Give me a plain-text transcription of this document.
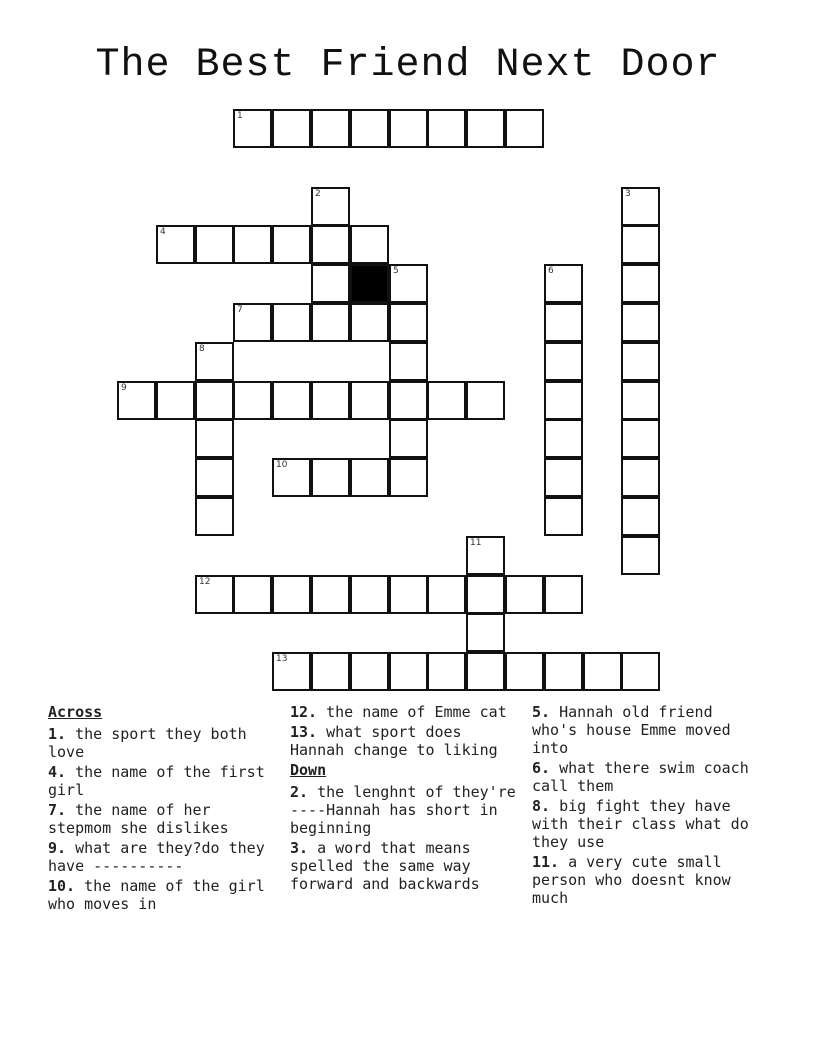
The Best Friend Next Door
1
4
7
9
10
12
13
2	3
5	6
8
11
Across
1. the sport they both love
4. the name of the first girl
7. the name of her stepmom she dislikes
9. what are they?do they have ----------
10. the name of the girl who moves in
12. the name of Emme cat
13. what sport does Hannah change to liking
Down
2. the lenghnt of they're ----Hannah has short in beginning
3. a word that means spelled the same way forward and backwards
5. Hannah old friend who's house Emme moved into
6. what there swim coach call them
8. big fight they have with their class what do they use
11. a very cute small person who doesnt know much
